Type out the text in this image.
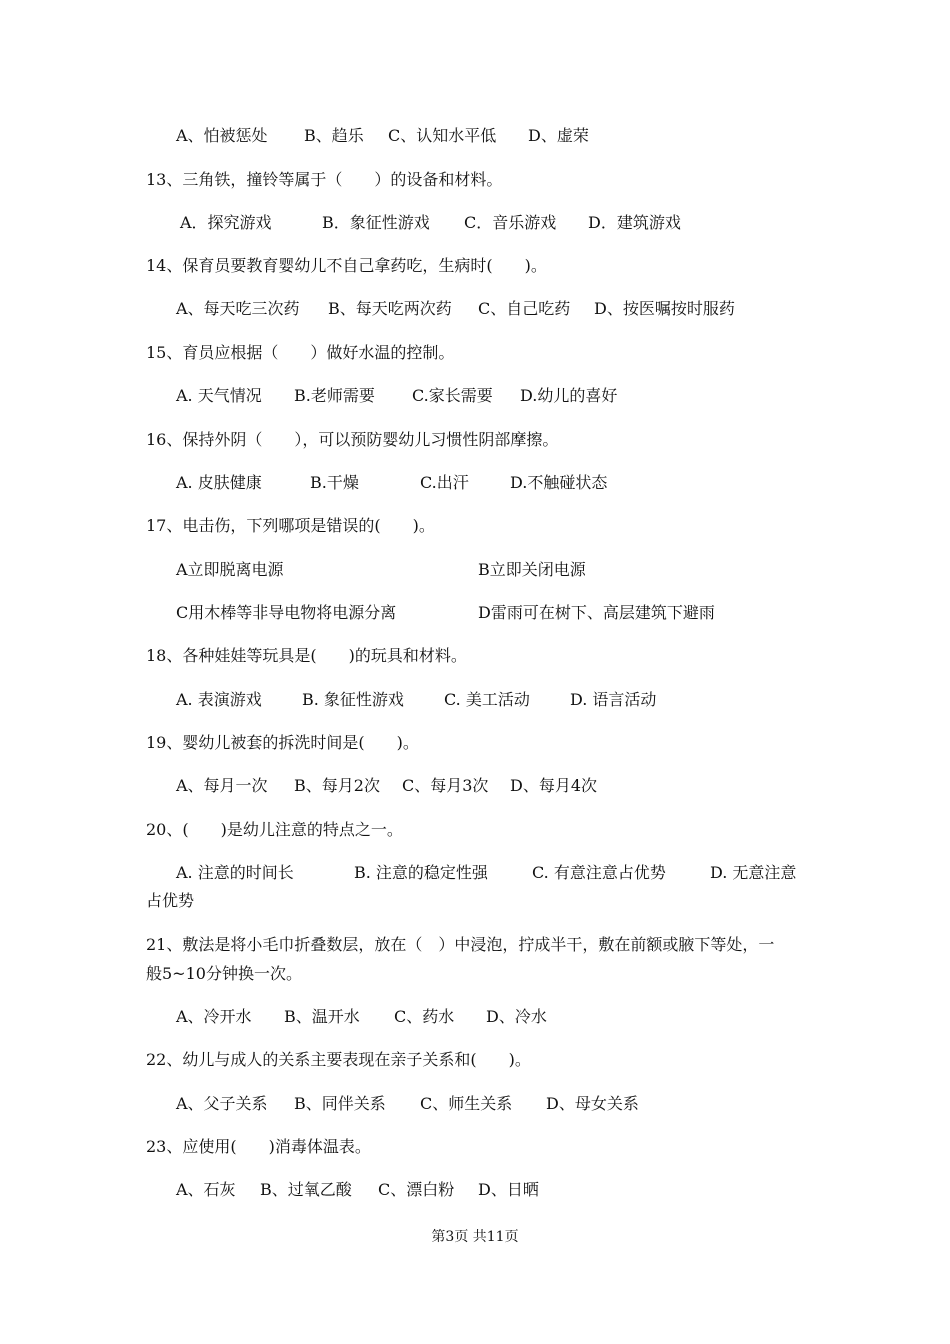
A、怕被惩处 B、趋乐 C、认知水平低 D、虚荣
13、三角铁，撞铃等属于（　　）的设备和材料。
A．探究游戏	B．象征性游戏 C．音乐游戏 D．建筑游戏
14、保育员要教育婴幼儿不自己拿药吃，生病时(　　)。
A、每天吃三次药 B、每天吃两次药 C、自己吃药 D、按医嘱按时服药
15、育员应根据（　　）做好水温的控制。
A. 天气情况 B.老师需要 C.家长需要 D.幼儿的喜好
16、保持外阴（　　），可以预防婴幼儿习惯性阴部摩擦。
A. 皮肤健康	B.干燥	C.出汗	D.不触碰状态
17、电击伤，下列哪项是错误的(　　)。
A立即脱离电源	B立即关闭电源
C用木棒等非导电物将电源分离	D雷雨可在树下、高层建筑下避雨
18、各种娃娃等玩具是(　　)的玩具和材料。
A. 表演游戏	B. 象征性游戏	C. 美工活动	D. 语言活动
19、婴幼儿被套的拆洗时间是(　　)。
A、每月一次 B、每月2次 C、每月3次 D、每月4次
20、(　　)是幼儿注意的特点之一。
A. 注意的时间长	B. 注意的稳定性强	C. 有意注意占优势	D. 无意注意
占优势
21、敷法是将小毛巾折叠数层，放在（　）中浸泡，拧成半干，敷在前额或腋下等处，一
般5~10分钟换一次。
A、冷开水 B、温开水 C、药水 D、冷水
22、幼儿与成人的关系主要表现在亲子关系和(　　)。
A、父子关系 B、同伴关系 C、师生关系 D、母女关系
23、应使用(　　)消毒体温表。
A、石灰 B、过氧乙酸 C、漂白粉 D、日晒
第3页 共11页
